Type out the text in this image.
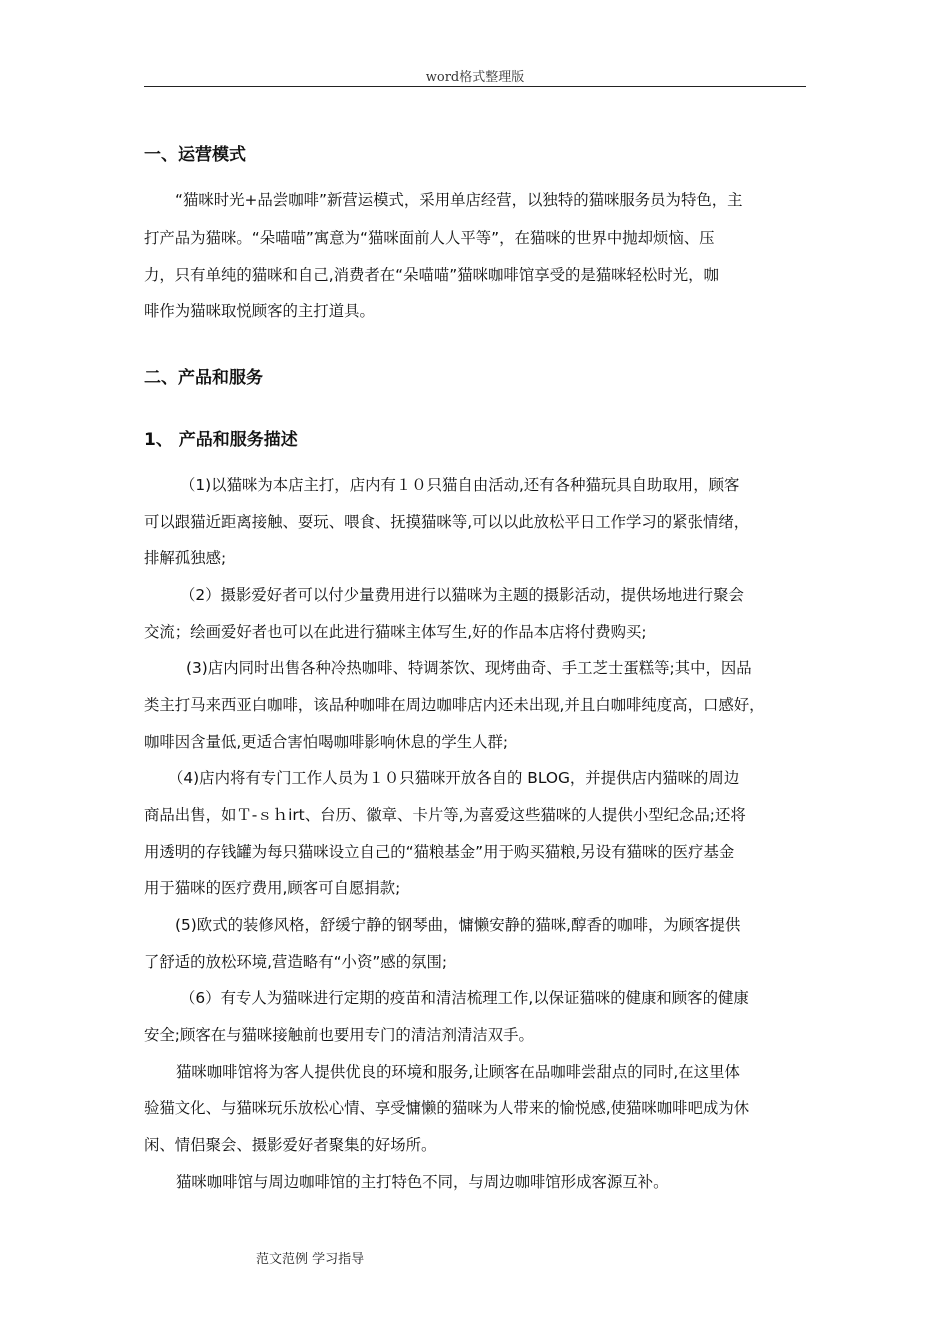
word格式整理版
一、运营模式
“猫咪时光+品尝咖啡”新营运模式，采用单店经营，以独特的猫咪服务员为特色，主
打产品为猫咪。“朵喵喵”寓意为“猫咪面前人人平等”，在猫咪的世界中抛却烦恼、压
力，只有单纯的猫咪和自己,消费者在“朵喵喵”猫咪咖啡馆享受的是猫咪轻松时光，咖
啡作为猫咪取悦顾客的主打道具。
二、产品和服务
1、 产品和服务描述
（1)以猫咪为本店主打，店内有１０只猫自由活动,还有各种猫玩具自助取用，顾客
可以跟猫近距离接触、耍玩、喂食、抚摸猫咪等,可以以此放松平日工作学习的紧张情绪，
排解孤独感;
（2）摄影爱好者可以付少量费用进行以猫咪为主题的摄影活动，提供场地进行聚会
交流；绘画爱好者也可以在此进行猫咪主体写生,好的作品本店将付费购买;
(3)店内同时出售各种冷热咖啡、特调茶饮、现烤曲奇、手工芝士蛋糕等;其中，因品
类主打马来西亚白咖啡，该品种咖啡在周边咖啡店内还未出现,并且白咖啡纯度高，口感好，
咖啡因含量低,更适合害怕喝咖啡影响休息的学生人群;
（4)店内将有专门工作人员为１０只猫咪开放各自的 BLOG，并提供店内猫咪的周边
商品出售，如Ｔ-ｓｈirt、台历、徽章、卡片等,为喜爱这些猫咪的人提供小型纪念品;还将
用透明的存钱罐为每只猫咪设立自己的“猫粮基金”用于购买猫粮,另设有猫咪的医疗基金
用于猫咪的医疗费用,顾客可自愿捐款;
(5)欧式的装修风格，舒缓宁静的钢琴曲，慵懒安静的猫咪,醇香的咖啡，为顾客提供
了舒适的放松环境,营造略有“小资”感的氛围;
（6）有专人为猫咪进行定期的疫苗和清洁梳理工作,以保证猫咪的健康和顾客的健康
安全;顾客在与猫咪接触前也要用专门的清洁剂清洁双手。
猫咪咖啡馆将为客人提供优良的环境和服务,让顾客在品咖啡尝甜点的同时,在这里体
验猫文化、与猫咪玩乐放松心情、享受慵懒的猫咪为人带来的愉悦感,使猫咪咖啡吧成为休
闲、情侣聚会、摄影爱好者聚集的好场所。
猫咪咖啡馆与周边咖啡馆的主打特色不同，与周边咖啡馆形成客源互补。
范文范例 学习指导
